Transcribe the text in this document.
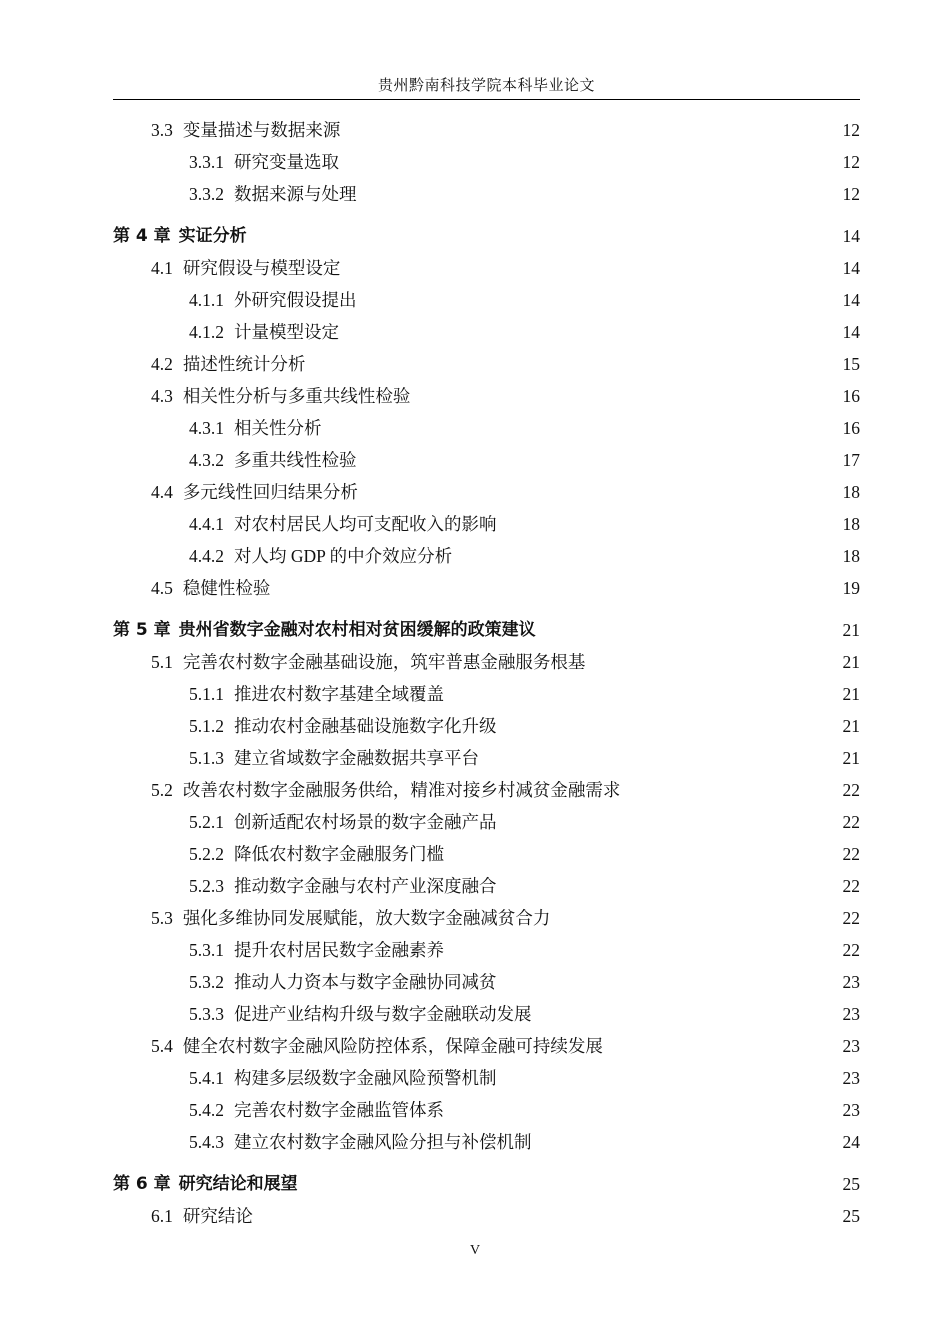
贵州黔南科技学院本科毕业论文
3.3 变量描述与数据来源	12
3.3.1 研究变量选取	12
3.3.2 数据来源与处理	12
第 4 章 实证分析	14
4.1 研究假设与模型设定	14
4.1.1 外研究假设提出	14
4.1.2 计量模型设定	14
4.2 描述性统计分析	15
4.3 相关性分析与多重共线性检验	16
4.3.1 相关性分析	16
4.3.2 多重共线性检验	17
4.4 多元线性回归结果分析	18
4.4.1 对农村居民人均可支配收入的影响	18
4.4.2 对人均 GDP 的中介效应分析	18
4.5 稳健性检验	19
第 5 章 贵州省数字金融对农村相对贫困缓解的政策建议	21
5.1 完善农村数字金融基础设施，筑牢普惠金融服务根基	21
5.1.1 推进农村数字基建全域覆盖	21
5.1.2 推动农村金融基础设施数字化升级	21
5.1.3 建立省域数字金融数据共享平台	21
5.2 改善农村数字金融服务供给，精准对接乡村减贫金融需求	22
5.2.1 创新适配农村场景的数字金融产品	22
5.2.2 降低农村数字金融服务门槛	22
5.2.3 推动数字金融与农村产业深度融合	22
5.3 强化多维协同发展赋能，放大数字金融减贫合力	22
5.3.1 提升农村居民数字金融素养	22
5.3.2 推动人力资本与数字金融协同减贫	23
5.3.3 促进产业结构升级与数字金融联动发展	23
5.4 健全农村数字金融风险防控体系，保障金融可持续发展	23
5.4.1 构建多层级数字金融风险预警机制	23
5.4.2 完善农村数字金融监管体系	23
5.4.3 建立农村数字金融风险分担与补偿机制	24
第 6 章 研究结论和展望	25
6.1 研究结论	25
V
